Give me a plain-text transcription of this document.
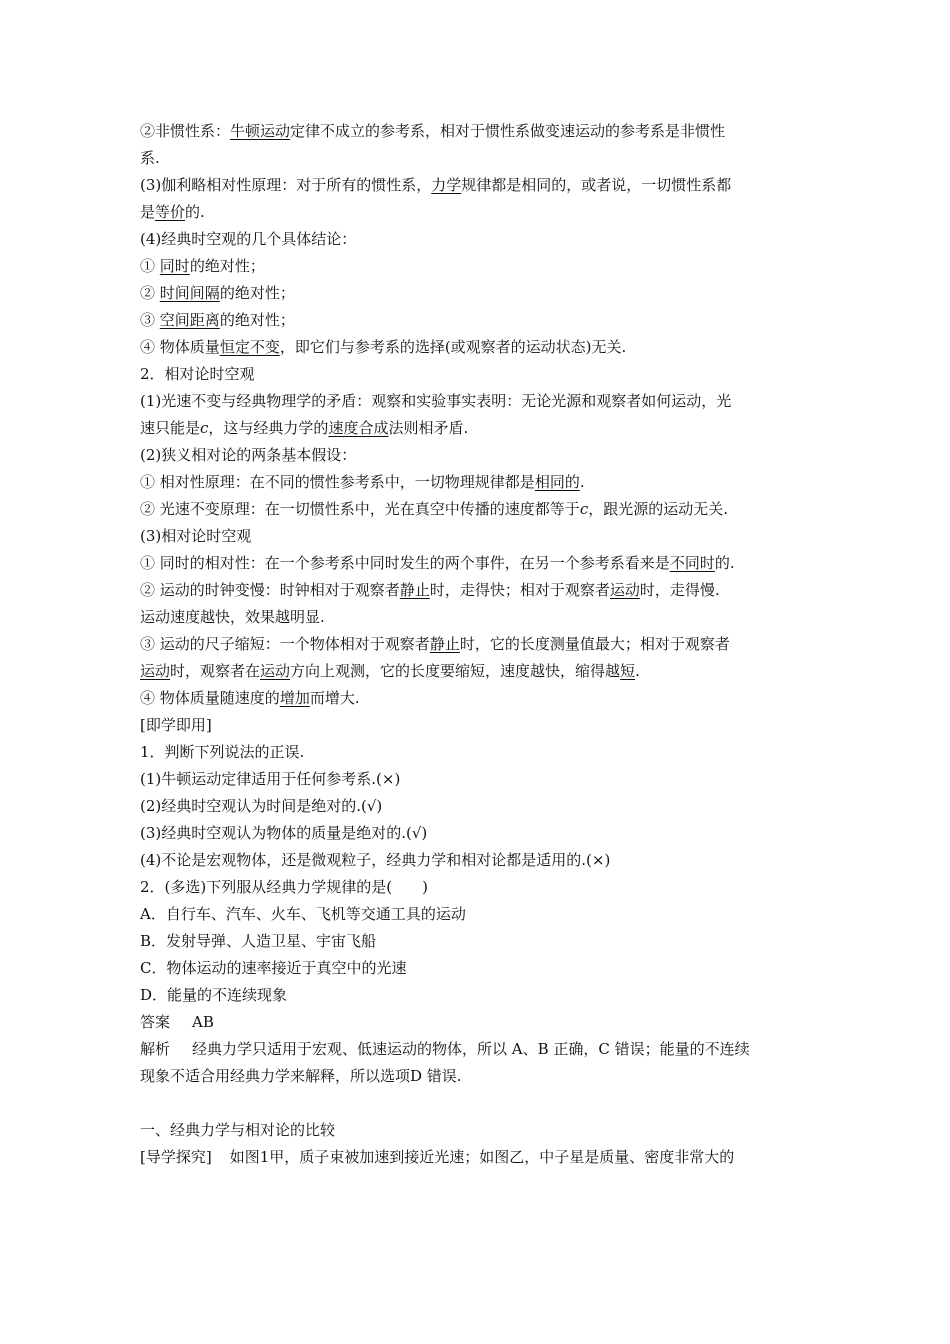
②非惯性系：牛顿运动定律不成立的参考系，相对于惯性系做变速运动的参考系是非惯性
系.
(3)伽利略相对性原理：对于所有的惯性系，力学规律都是相同的，或者说，一切惯性系都
是等价的.
(4)经典时空观的几个具体结论：
① 同时的绝对性；
② 时间间隔的绝对性；
③ 空间距离的绝对性；
④ 物体质量恒定不变，即它们与参考系的选择(或观察者的运动状态)无关.
2．相对论时空观
(1)光速不变与经典物理学的矛盾：观察和实验事实表明：无论光源和观察者如何运动，光
速只能是c，这与经典力学的速度合成法则相矛盾.
(2)狭义相对论的两条基本假设：
① 相对性原理：在不同的惯性参考系中，一切物理规律都是相同的.
② 光速不变原理：在一切惯性系中，光在真空中传播的速度都等于c，跟光源的运动无关.
(3)相对论时空观
① 同时的相对性：在一个参考系中同时发生的两个事件，在另一个参考系看来是不同时的.
② 运动的时钟变慢：时钟相对于观察者静止时，走得快；相对于观察者运动时，走得慢.
运动速度越快，效果越明显.
③ 运动的尺子缩短：一个物体相对于观察者静止时，它的长度测量值最大；相对于观察者
运动时，观察者在运动方向上观测，它的长度要缩短，速度越快，缩得越短.
④ 物体质量随速度的增加而增大.
[即学即用]
1．判断下列说法的正误.
(1)牛顿运动定律适用于任何参考系.(×)
(2)经典时空观认为时间是绝对的.(√)
(3)经典时空观认为物体的质量是绝对的.(√)
(4)不论是宏观物体，还是微观粒子，经典力学和相对论都是适用的.(×)
2．(多选)下列服从经典力学规律的是( )
A．自行车、汽车、火车、飞机等交通工具的运动
B．发射导弹、人造卫星、宇宙飞船
C．物体运动的速率接近于真空中的光速
D．能量的不连续现象
答案 AB
解析 经典力学只适用于宏观、低速运动的物体，所以 A、B 正确，C 错误；能量的不连续
现象不适合用经典力学来解释，所以选项D 错误.
一、经典力学与相对论的比较
[导学探究] 如图1甲，质子束被加速到接近光速；如图乙，中子星是质量、密度非常大的
